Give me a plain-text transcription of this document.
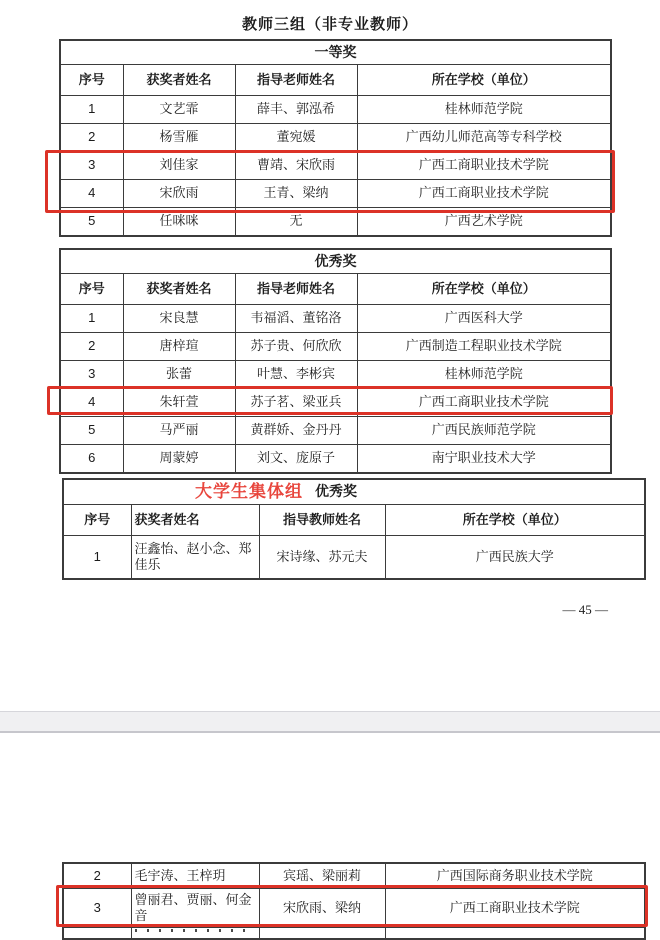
教师三组（非专业教师）
一等奖			
序号	获奖者姓名	指导老师姓名	所在学校（单位）
1	文艺霏	薛丰、郭泓希	桂林师范学院
2	杨雪雁	董宛媛	广西幼儿师范高等专科学校
3	刘佳家	曹靖、宋欣雨	广西工商职业技术学院
4	宋欣雨	王青、梁纳	广西工商职业技术学院
5	任咪咪	无	广西艺术学院
优秀奖			
序号	获奖者姓名	指导老师姓名	所在学校（单位）
1	宋良慧	韦福滔、董铭洛	广西医科大学
2	唐梓瑄	苏子贵、何欣欣	广西制造工程职业技术学院
3	张蕾	叶慧、李彬宾	桂林师范学院
4	朱轩萱	苏子茗、梁亚兵	广西工商职业技术学院
5	马严丽	黄群娇、金丹丹	广西民族师范学院
6	周蒙婷	刘文、庞原子	南宁职业技术大学
大学生集体组 优秀奖			

序号	获奖者姓名	指导教师姓名	所在学校（单位）
1	汪鑫怡、赵小念、郑佳乐	宋诗缘、苏元夫	广西民族大学
— 45 —
2	毛宇涛、王梓玥	宾瑶、梁丽莉	广西国际商务职业技术学院
3	曾丽君、贾丽、何金音	宋欣雨、梁纳	广西工商职业技术学院
